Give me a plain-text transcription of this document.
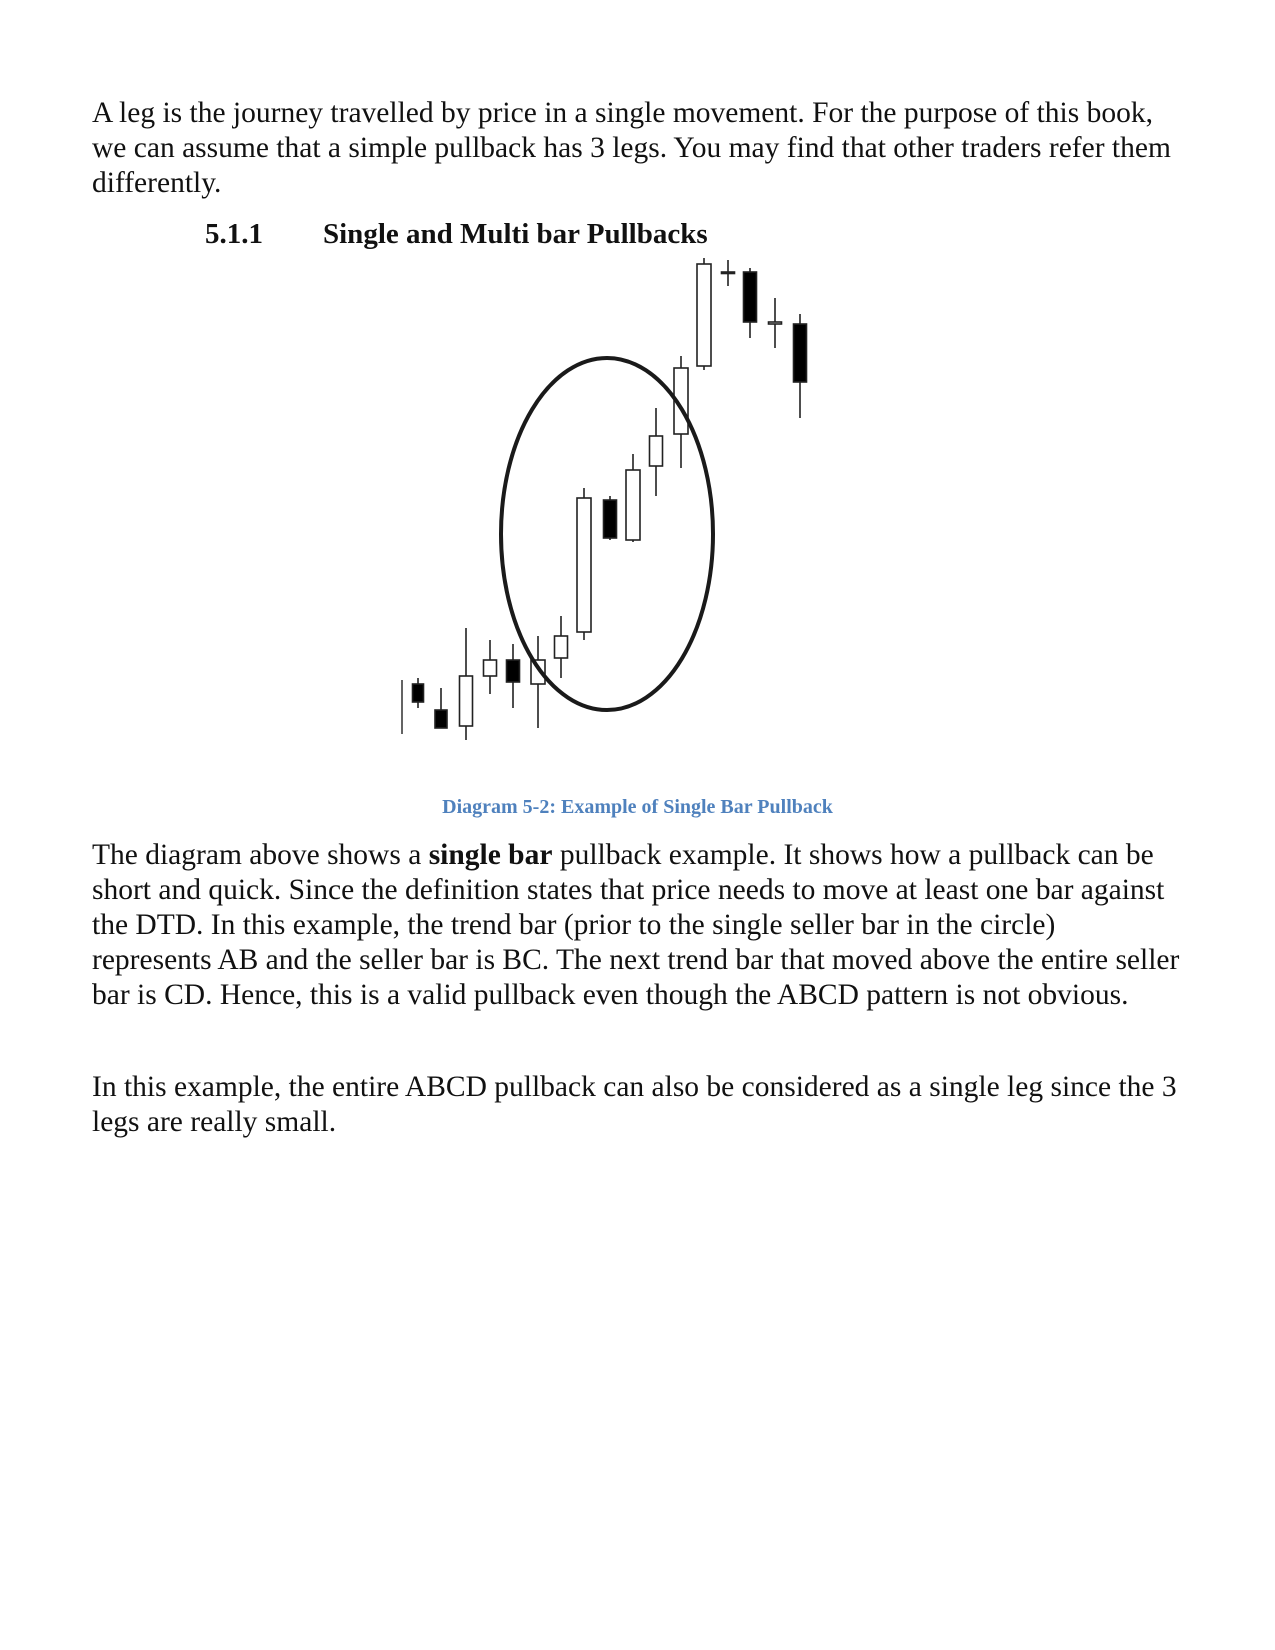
A leg is the journey travelled by price in a single movement. For the purpose of this book, we can assume that a simple pullback has 3 legs. You may find that other traders refer them differently.

5.1.1 Single and Multi bar Pullbacks
Diagram 5-2: Example of Single Bar Pullback

The diagram above shows a single bar pullback example. It shows how a pullback can be short and quick. Since the definition states that price needs to move at least one bar against the DTD. In this example, the trend bar (prior to the single seller bar in the circle) represents AB and the seller bar is BC. The next trend bar that moved above the entire seller bar is CD. Hence, this is a valid pullback even though the ABCD pattern is not obvious.

In this example, the entire ABCD pullback can also be considered as a single leg since the 3 legs are really small.
